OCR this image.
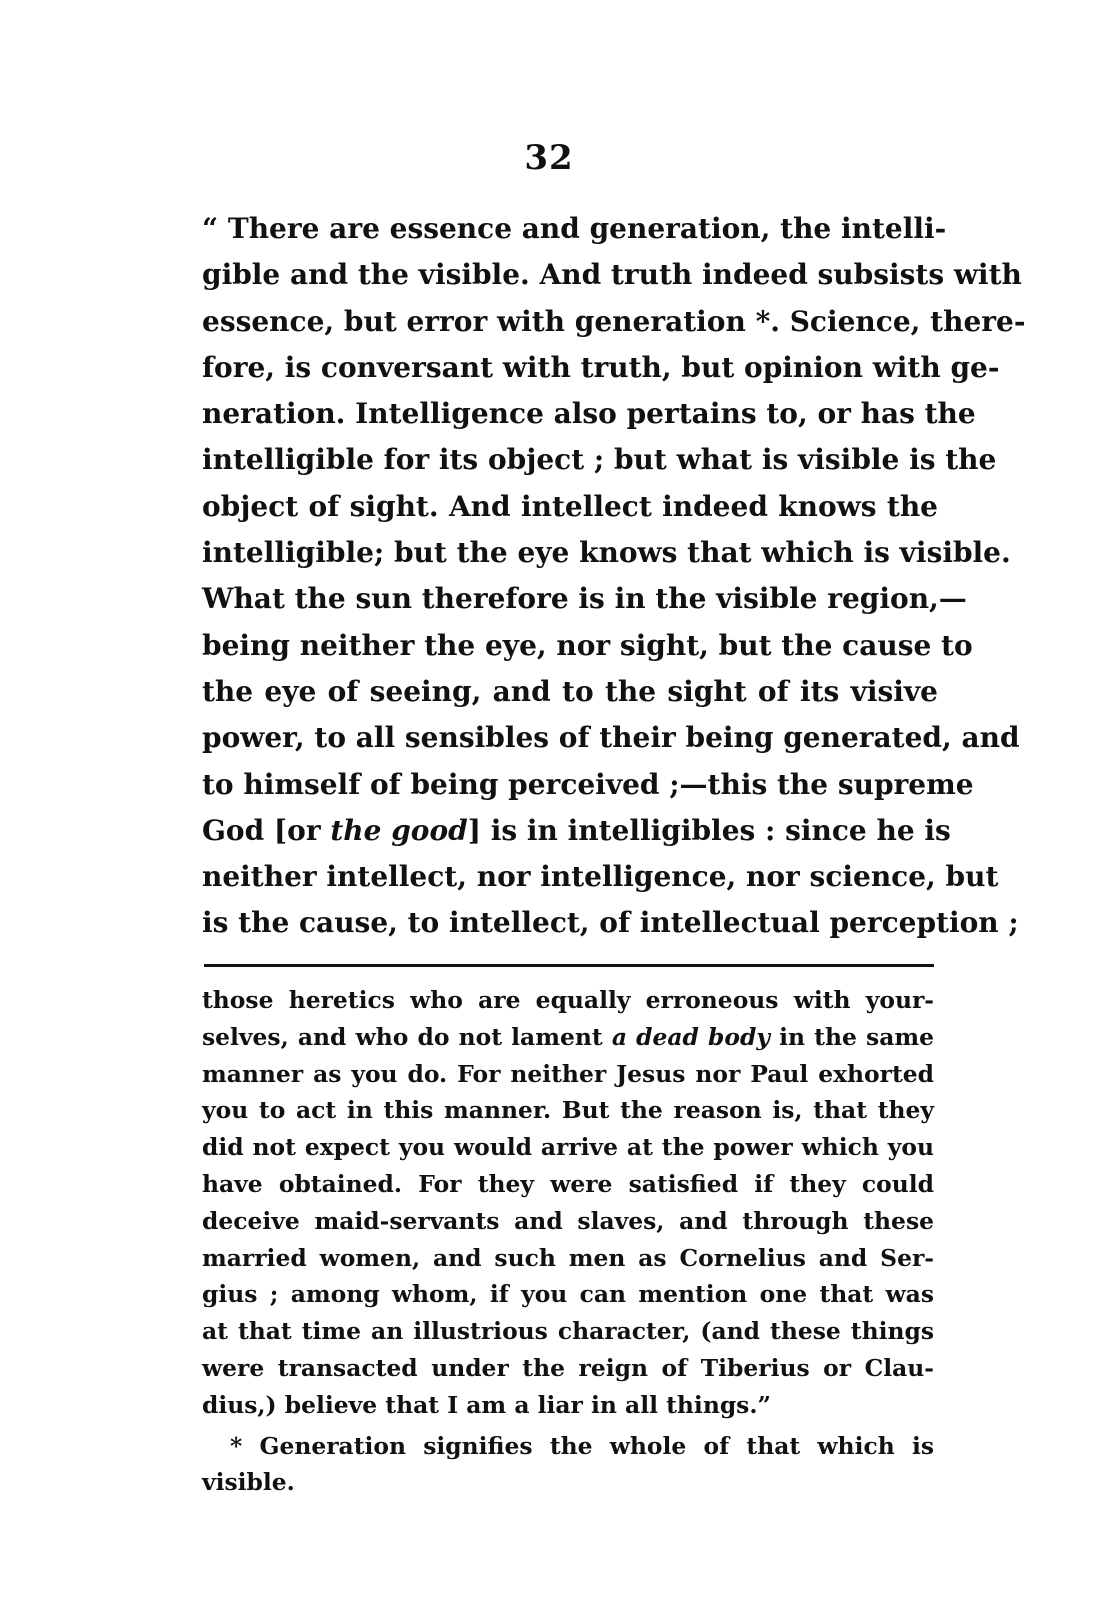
32
“ There are essence and generation, the intelli-
gible and the visible. And truth indeed subsists with
essence, but error with generation *. Science, there-
fore, is conversant with truth, but opinion with ge-
neration. Intelligence also pertains to, or has the
intelligible for its object ; but what is visible is the
object of sight. And intellect indeed knows the
intelligible; but the eye knows that which is visible.
What the sun therefore is in the visible region,—
being neither the eye, nor sight, but the cause to
the eye of seeing, and to the sight of its visive
power, to all sensibles of their being generated, and
to himself of being perceived ;—this the supreme
God [or the good] is in intelligibles : since he is
neither intellect, nor intelligence, nor science, but
is the cause, to intellect, of intellectual perception ;
those heretics who are equally erroneous with your-
selves, and who do not lament a dead body in the same
manner as you do. For neither Jesus nor Paul exhorted
you to act in this manner. But the reason is, that they
did not expect you would arrive at the power which you
have obtained. For they were satisfied if they could
deceive maid-servants and slaves, and through these
married women, and such men as Cornelius and Ser-
gius ; among whom, if you can mention one that was
at that time an illustrious character, (and these things
were transacted under the reign of Tiberius or Clau-
dius,) believe that I am a liar in all things.”
* Generation signifies the whole of that which is
visible.
